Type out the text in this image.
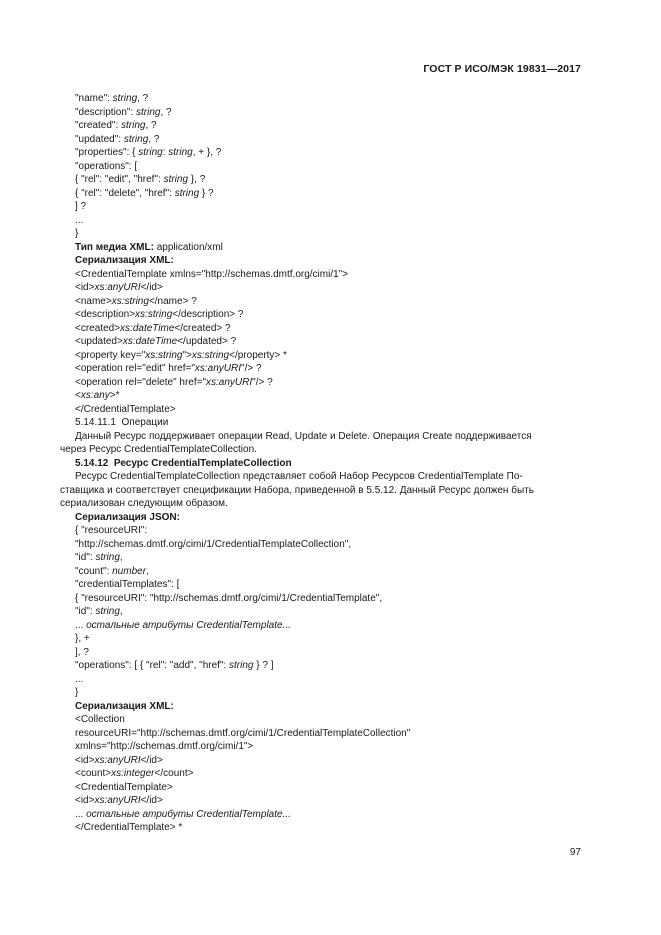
ГОСТ Р ИСО/МЭК 19831—2017
"name": string, ?
"description": string, ?
"created": string, ?
"updated": string, ?
"properties": { string: string, + }, ?
"operations": [
{ "rel": "edit", "href": string }, ?
{ "rel": "delete", "href": string } ?
] ?
...
}
Тип медиа XML: application/xml
Сериализация XML:
<CredentialTemplate xmlns="http://schemas.dmtf.org/cimi/1">
<id>xs:anyURI</id>
<name>xs:string</name> ?
<description>xs:string</description> ?
<created>xs:dateTime</created> ?
<updated>xs:dateTime</updated> ?
<property key="xs:string">xs:string</property> *
<operation rel="edit" href="xs:anyURI"/> ?
<operation rel="delete" href="xs:anyURI"/> ?
<xs:any>*
</CredentialTemplate>
5.14.11.1  Операции
Данный Ресурс поддерживает операции Read, Update и Delete. Операция Create поддерживается
через Ресурс CredentialTemplateCollection.
5.14.12  Ресурс CredentialTemplateCollection
Ресурс CredentialTemplateCollection представляет собой Набор Ресурсов CredentialTemplate По-
ставщика и соответствует спецификации Набора, приведенной в 5.5.12. Данный Ресурс должен быть
сериализован следующим образом.
Сериализация JSON:
{ "resourceURI":
"http://schemas.dmtf.org/cimi/1/CredentialTemplateCollection",
"id": string,
"count": number,
"credentialTemplates": [
{ "resourceURI": "http://schemas.dmtf.org/cimi/1/CredentialTemplate",
"id": string,
... остальные атрибуты CredentialTemplate...
}, +
], ?
"operations": [ { "rel": "add", "href": string } ? ]
...
}
Сериализация XML:
<Collection
resourceURI="http://schemas.dmtf.org/cimi/1/CredentialTemplateCollection"
xmlns="http://schemas.dmtf.org/cimi/1">
<id>xs:anyURI</id>
<count>xs:integer</count>
<CredentialTemplate>
<id>xs:anyURI</id>
... остальные атрибуты CredentialTemplate...
</CredentialTemplate> *
97
